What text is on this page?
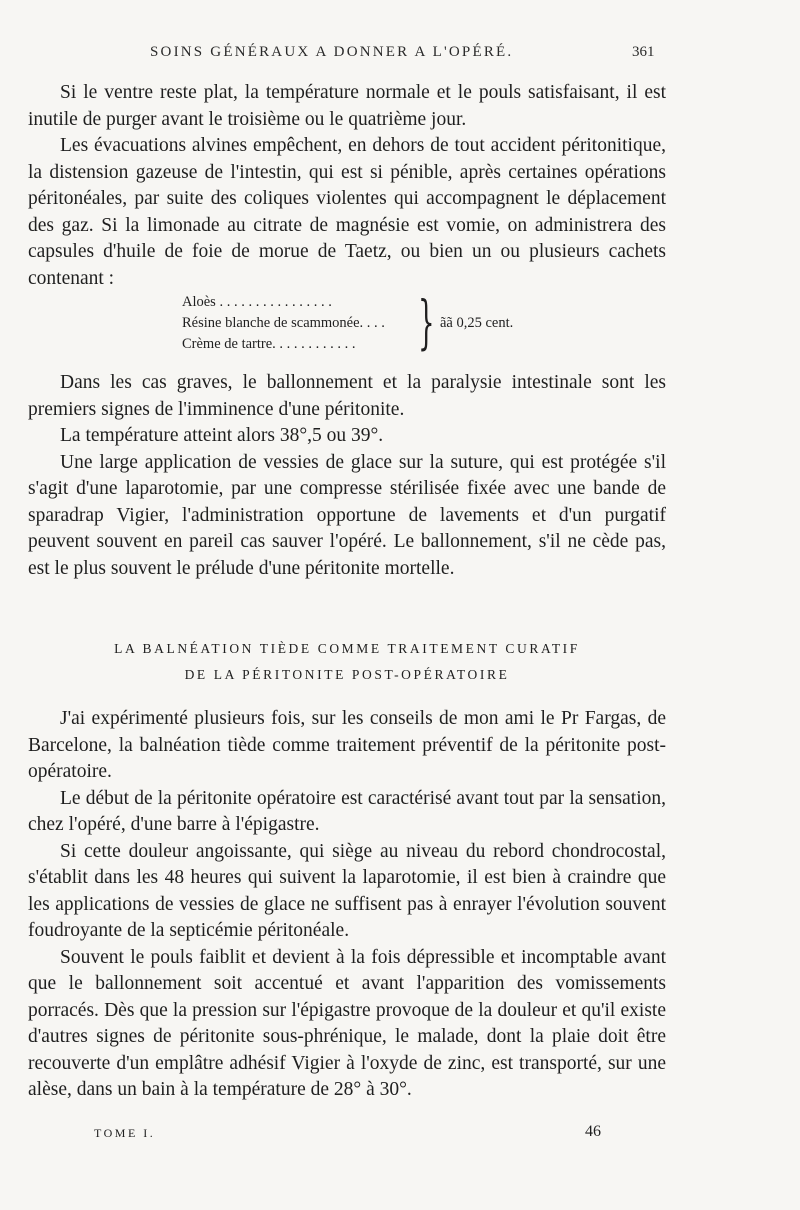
SOINS GÉNÉRAUX A DONNER A L'OPÉRÉ.	361

Si le ventre reste plat, la température normale et le pouls satisfaisant, il est inutile de purger avant le troisième ou le quatrième jour.

Les évacuations alvines empêchent, en dehors de tout accident péritonitique, la distension gazeuse de l'intestin, qui est si pénible, après certaines opérations péritonéales, par suite des coliques violentes qui accompagnent le déplacement des gaz. Si la limonade au citrate de magnésie est vomie, on administrera des capsules d'huile de foie de morue de Taetz, ou bien un ou plusieurs cachets contenant :

Aloès . . . . . . . . . . . . . . . .
Résine blanche de scammonée. . . .
Crème de tartre. . . . . . . . . . . .	} ãã 0,25 cent.

Dans les cas graves, le ballonnement et la paralysie intestinale sont les premiers signes de l'imminence d'une péritonite.

La température atteint alors 38°,5 ou 39°.

Une large application de vessies de glace sur la suture, qui est protégée s'il s'agit d'une laparotomie, par une compresse stérilisée fixée avec une bande de sparadrap Vigier, l'administration opportune de lavements et d'un purgatif peuvent souvent en pareil cas sauver l'opéré. Le ballonnement, s'il ne cède pas, est le plus souvent le prélude d'une péritonite mortelle.

LA BALNÉATION TIÈDE COMME TRAITEMENT CURATIF
DE LA PÉRITONITE POST-OPÉRATOIRE

J'ai expérimenté plusieurs fois, sur les conseils de mon ami le Pr Fargas, de Barcelone, la balnéation tiède comme traitement préventif de la péritonite post-opératoire.

Le début de la péritonite opératoire est caractérisé avant tout par la sensation, chez l'opéré, d'une barre à l'épigastre.

Si cette douleur angoissante, qui siège au niveau du rebord chondrocostal, s'établit dans les 48 heures qui suivent la laparotomie, il est bien à craindre que les applications de vessies de glace ne suffisent pas à enrayer l'évolution souvent foudroyante de la septicémie péritonéale.

Souvent le pouls faiblit et devient à la fois dépressible et incomptable avant que le ballonnement soit accentué et avant l'apparition des vomissements porracés. Dès que la pression sur l'épigastre provoque de la douleur et qu'il existe d'autres signes de péritonite sous-phrénique, le malade, dont la plaie doit être recouverte d'un emplâtre adhésif Vigier à l'oxyde de zinc, est transporté, sur une alèse, dans un bain à la température de 28° à 30°.

TOME I.	46
